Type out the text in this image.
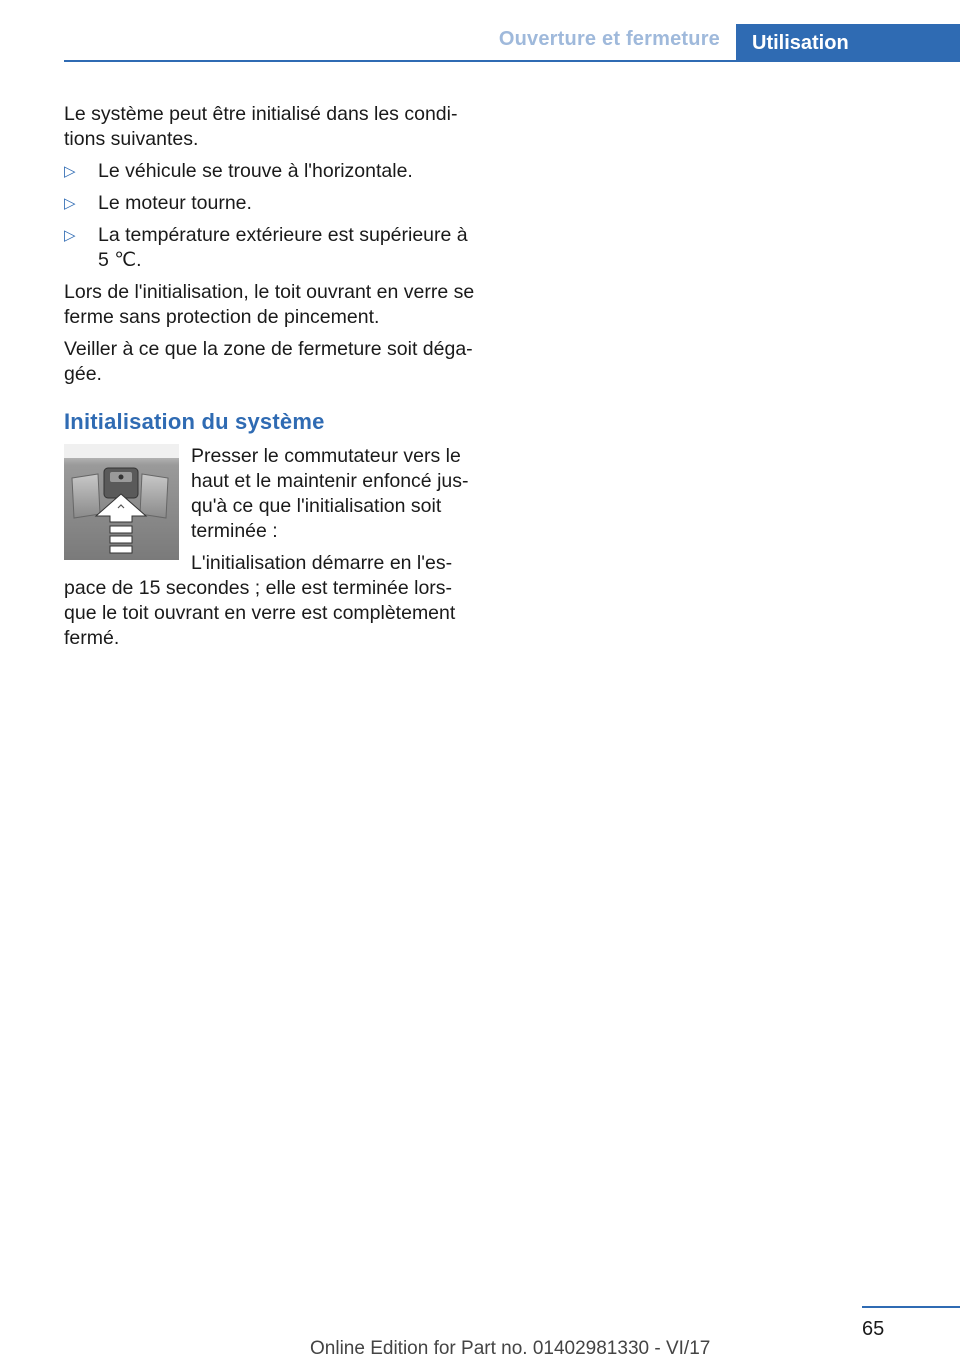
Ouverture et fermeture	Utilisation

Le système peut être initialisé dans les condi-tions suivantes.

▷ Le véhicule se trouve à l'horizontale.
▷ Le moteur tourne.
▷ La température extérieure est supérieure à 5 ℃.

Lors de l'initialisation, le toit ouvrant en verre se ferme sans protection de pincement.

Veiller à ce que la zone de fermeture soit déga-gée.

Initialisation du système

Presser le commutateur vers le haut et le maintenir enfoncé jus-qu'à ce que l'initialisation soit terminée :

L'initialisation démarre en l'es-pace de 15 secondes ; elle est terminée lors-que le toit ouvrant en verre est complètement fermé.

65
Online Edition for Part no. 01402981330 - VI/17
